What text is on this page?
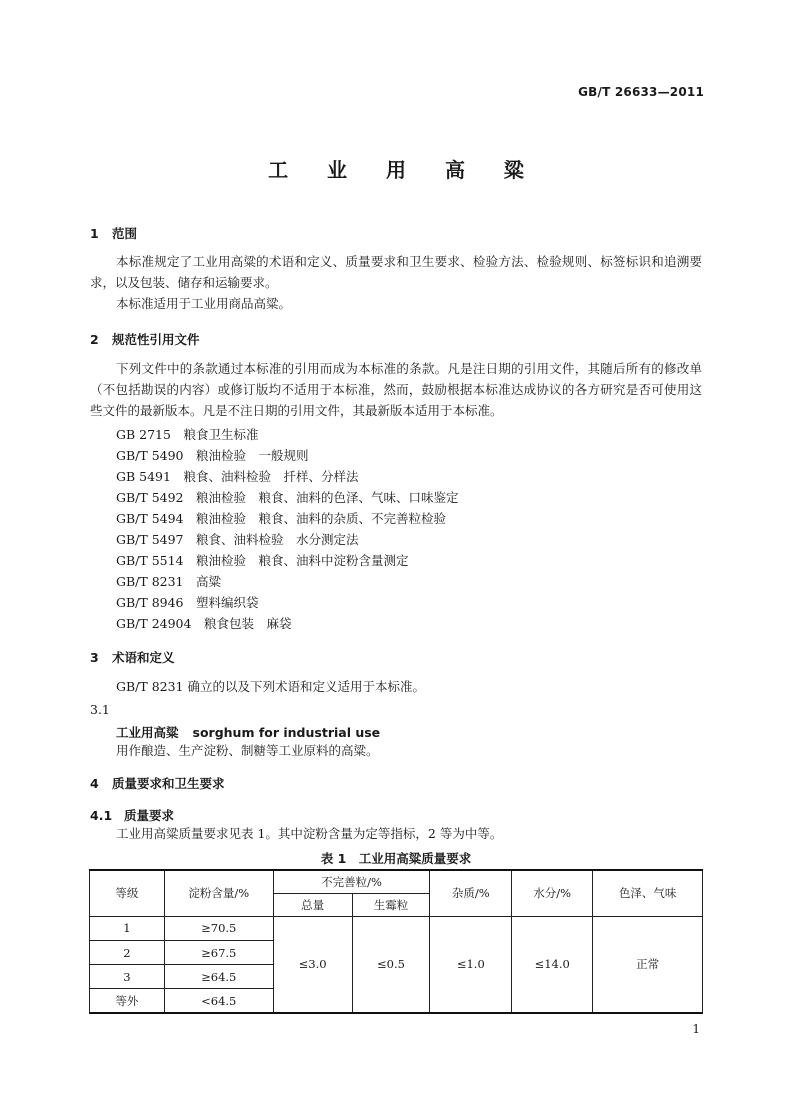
GB/T 26633—2011
工 业 用 高 粱
1 范围
本标准规定了工业用高粱的术语和定义、质量要求和卫生要求、检验方法、检验规则、标签标识和追溯要求，以及包装、储存和运输要求。
本标准适用于工业用商品高粱。
2 规范性引用文件
下列文件中的条款通过本标准的引用而成为本标准的条款。凡是注日期的引用文件，其随后所有的修改单（不包括勘误的内容）或修订版均不适用于本标准，然而，鼓励根据本标准达成协议的各方研究是否可使用这些文件的最新版本。凡是不注日期的引用文件，其最新版本适用于本标准。
GB 2715　粮食卫生标准
GB/T 5490　粮油检验　一般规则
GB 5491　粮食、油料检验　扦样、分样法
GB/T 5492　粮油检验　粮食、油料的色泽、气味、口味鉴定
GB/T 5494　粮油检验　粮食、油料的杂质、不完善粒检验
GB/T 5497　粮食、油料检验　水分测定法
GB/T 5514　粮油检验　粮食、油料中淀粉含量测定
GB/T 8231　高粱
GB/T 8946　塑料编织袋
GB/T 24904　粮食包装　麻袋
3 术语和定义
GB/T 8231 确立的以及下列术语和定义适用于本标准。
3.1
工业用高粱 sorghum for industrial use
用作酿造、生产淀粉、制糖等工业原料的高粱。
4 质量要求和卫生要求
4.1 质量要求
工业用高粱质量要求见表 1。其中淀粉含量为定等指标，2 等为中等。
表 1　工业用高粱质量要求
等级	淀粉含量/%	不完善粒/%		杂质/%	水分/%	色泽、气味
		总量	生霉粒			
1	≥70.5	≤3.0	≤0.5	≤1.0	≤14.0	正常
2	≥67.5					
3	≥64.5					
等外	<64.5					
1
